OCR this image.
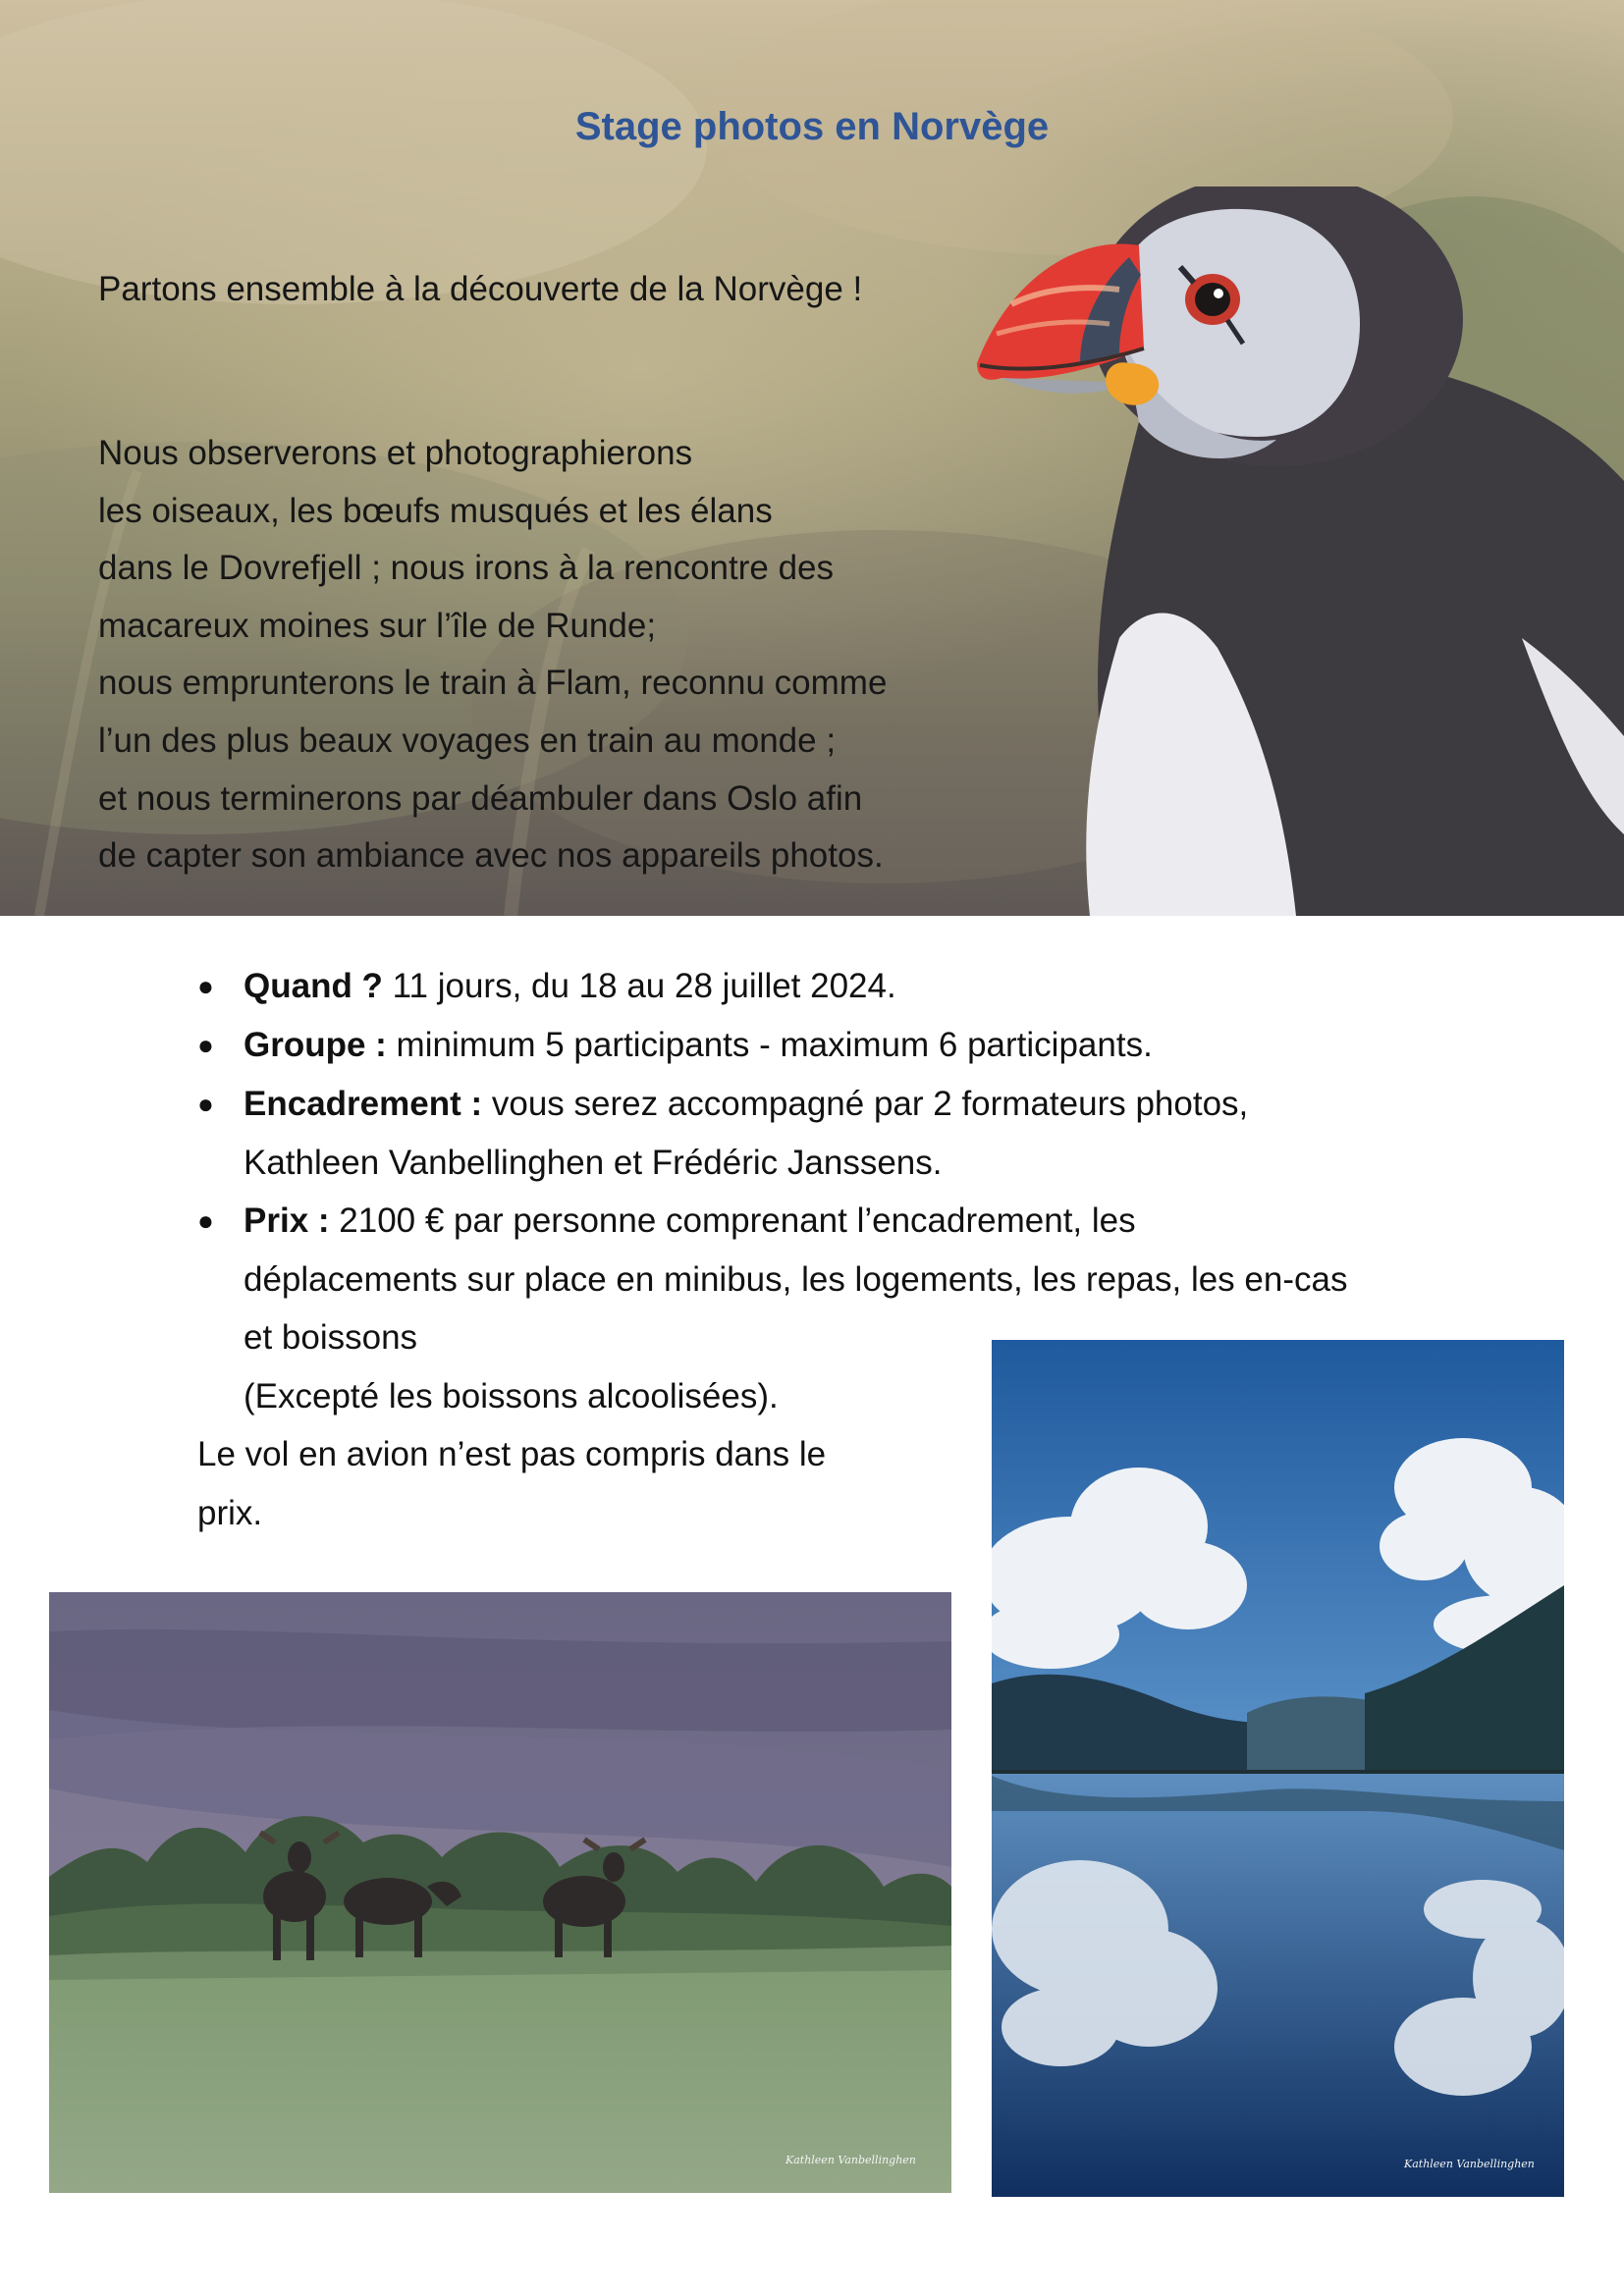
Stage photos en Norvège
Partons ensemble à la découverte de la Norvège !
Nous observerons et photographierons
les oiseaux, les bœufs musqués et les élans
dans le Dovrefjell ; nous irons à la rencontre des
macareux moines sur l’île de Runde;
nous emprunterons le train à Flam, reconnu comme
l’un des plus beaux voyages en train au monde ;
et nous terminerons par déambuler dans Oslo afin
de capter son ambiance avec nos appareils photos.
● Quand ? 11 jours, du 18 au 28 juillet 2024.
● Groupe : minimum 5 participants - maximum 6 participants.
● Encadrement : vous serez accompagné par 2 formateurs photos,
Kathleen Vanbellinghen et Frédéric Janssens.
● Prix : 2100 € par personne comprenant l’encadrement, les
déplacements sur place en minibus, les logements, les repas, les en-cas
et boissons
(Excepté les boissons alcoolisées).
Le vol en avion n’est pas compris dans le
prix.
Kathleen Vanbellinghen	Kathleen Vanbellinghen
